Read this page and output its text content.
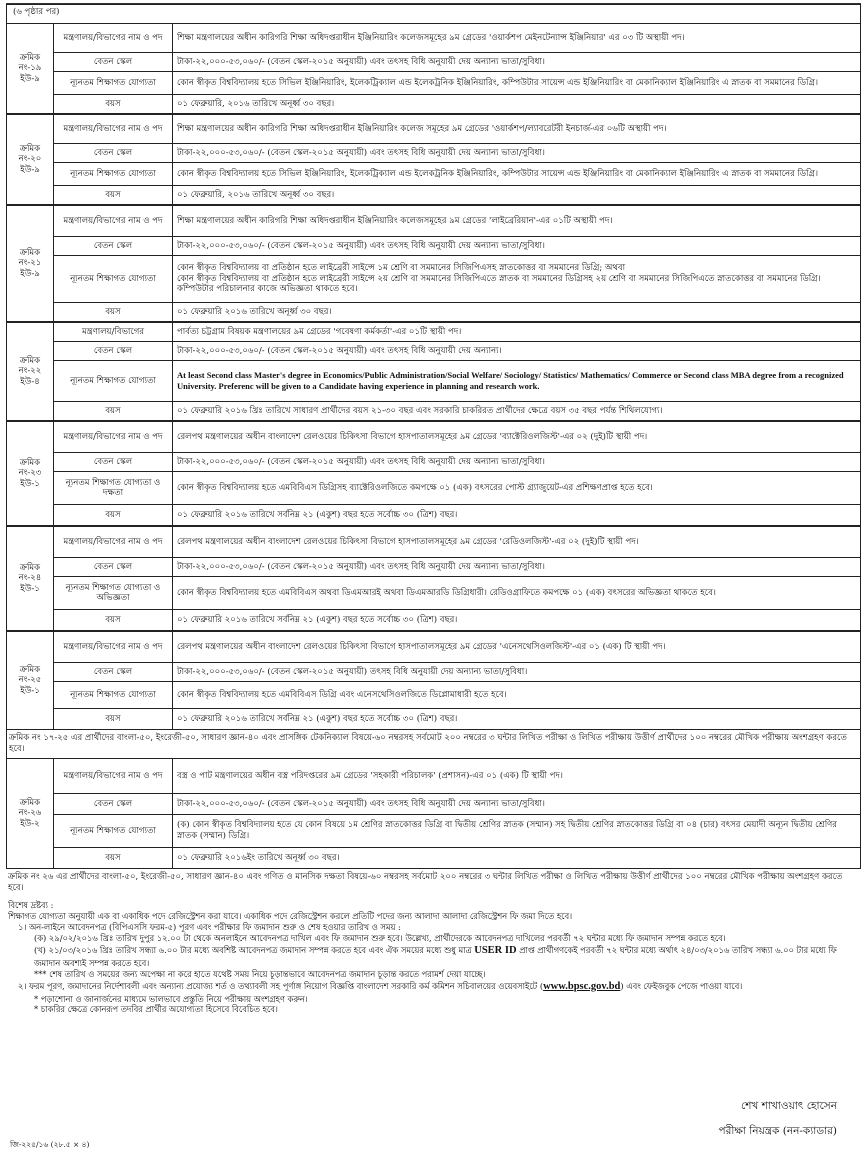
(৬ পৃষ্ঠার পর)
ক্রমিক নং-১৯ ইউ-৯	মন্ত্রণালয়/বিভাগের নাম ও পদ	শিক্ষা মন্ত্রণালয়ের অধীন কারিগরি শিক্ষা অধিদপ্তরাধীন ইঞ্জিনিয়ারিং কলেজসমূহের ৯ম গ্রেডের 'ওয়ার্কশপ মেইনটেন্যান্স ইঞ্জিনিয়ার' এর ০৩ টি অস্থায়ী পদ।
	বেতন স্কেল	টাকা-২২,০০০-৫৩,০৬০/- (বেতন স্কেল-২০১৫ অনুযায়ী) এবং তৎসহ বিধি অনুযায়ী দেয় অন্যান্য ভাতা/সুবিধা।
	ন্যূনতম শিক্ষাগত যোগ্যতা	কোন স্বীকৃত বিশ্ববিদ্যালয় হতে সিভিল ইঞ্জিনিয়ারিং, ইলেকট্রিক্যাল এন্ড ইলেকট্রনিক ইঞ্জিনিয়ারিং, কম্পিউটার সায়েন্স এন্ড ইঞ্জিনিয়ারিং বা মেকানিক্যাল ইঞ্জিনিয়ারিং এ স্নাতক বা সমমানের ডিগ্রি।
	বয়স	০১ ফেব্রুয়ারি, ২০১৬ তারিখে অনূর্ধ্ব ৩০ বছর।
ক্রমিক নং-২০ ইউ-৯	মন্ত্রণালয়/বিভাগের নাম ও পদ	শিক্ষা মন্ত্রণালয়ের অধীন কারিগরি শিক্ষা অধিদপ্তরাধীন ইঞ্জিনিয়ারিং কলেজ সমূহের ৯ম গ্রেডের 'ওয়ার্কশপ/ল্যাবরেটরী ইনচার্জ-এর ০৬টি অস্থায়ী পদ।
	বেতন স্কেল	টাকা-২২,০০০-৫৩,০৬০/- (বেতন স্কেল-২০১৫ অনুযায়ী) এবং তৎসহ বিধি অনুযায়ী দেয় অন্যান্য ভাতা/সুবিধা।
	ন্যূনতম শিক্ষাগত যোগ্যতা	কোন স্বীকৃত বিশ্ববিদ্যালয় হতে সিভিল ইঞ্জিনিয়ারিং, ইলেকট্রিক্যাল এন্ড ইলেকট্রনিক ইঞ্জিনিয়ারিং, কম্পিউটার সায়েন্স এন্ড ইঞ্জিনিয়ারিং বা মেকানিক্যাল ইঞ্জিনিয়ারিং এ স্নাতক বা সমমানের ডিগ্রি।
	বয়স	০১ ফেব্রুয়ারি, ২০১৬ তারিখে অনূর্ধ্ব ৩০ বছর।
ক্রমিক নং-২১ ইউ-৯	মন্ত্রণালয়/বিভাগের নাম ও পদ	শিক্ষা মন্ত্রণালয়ের অধীন কারিগরি শিক্ষা অধিদপ্তরাধীন ইঞ্জিনিয়ারিং কলেজসমূহের ৯ম গ্রেডের 'লাইব্রেরিয়ান'-এর ০১টি অস্থায়ী পদ।
	বেতন স্কেল	টাকা-২২,০০০-৫৩,০৬০/- (বেতন স্কেল-২০১৫ অনুযায়ী) এবং তৎসহ বিধি অনুযায়ী দেয় অন্যান্য ভাতা/সুবিধা।
	ন্যূনতম শিক্ষাগত যোগ্যতা	কোন স্বীকৃত বিশ্ববিদ্যালয় বা প্রতিষ্ঠান হতে লাইব্রেরী সাইন্সে ১ম শ্রেণি বা সমমানের সিজিপিএসহ স্নাতকোত্তর বা সমমানের ডিগ্রি; অথবা
কোন স্বীকৃত বিশ্ববিদ্যালয় বা প্রতিষ্ঠান হতে লাইব্রেরী সাইন্সে ২য় শ্রেণি বা সমমানের সিজিপিএতে স্নাতক বা সমমানের ডিগ্রিসহ ২য় শ্রেণি বা সমমানের সিজিপিএতে স্নাতকোত্তর বা সমমানের ডিগ্রি।
কম্পিউটার পরিচালনার কাজে অভিজ্ঞতা থাকতে হবে।
	বয়স	০১ ফেব্রুয়ারি ২০১৬ তারিখে অনূর্ধ্ব ৩০ বছর।
ক্রমিক নং-২২ ইউ-৪	মন্ত্রণালয়/বিভাগের	পার্বত্য চট্টগ্রাম বিষয়ক মন্ত্রণালয়ের ৯ম গ্রেডের 'গবেষণা কর্মকর্তা'-এর ০১টি স্থায়ী পদ।
	বেতন স্কেল	টাকা-২২,০০০-৫৩,০৬০/- (বেতন স্কেল-২০১৫ অনুযায়ী) এবং তৎসহ বিধি অনুযায়ী দেয় অন্যান্য।
	ন্যূনতম শিক্ষাগত যোগ্যতা	At least Second class Master's degree in Economics/Public Administration/Social Welfare/ Sociology/ Statistics/ Mathematics/ Commerce or Second class MBA degree from a recognized University. Preferenc will be given to a Candidate having experience in planning and research work.
	বয়স	০১ ফেব্রুয়ারি ২০১৬ খ্রিঃ তারিখে সাধারণ প্রার্থীদের বয়স ২১-৩০ বছর এবং সরকারি চাকরিরত প্রার্থীদের ক্ষেত্রে বয়স ৩৫ বছর পর্যন্ত শিথিলযোগ্য।
ক্রমিক নং-২৩ ইউ-১	মন্ত্রণালয়/বিভাগের নাম ও পদ	রেলপথ মন্ত্রণালয়ের অধীন বাংলাদেশ রেলওয়ের চিকিৎসা বিভাগে হাসপাতালসমূহের ৯ম গ্রেডের 'ব্যাক্টেরিওলজিস্ট'-এর ০২ (দুই)টি স্থায়ী পদ।
	বেতন স্কেল	টাকা-২২,০০০-৫৩,০৬০/- (বেতন স্কেল-২০১৫ অনুযায়ী) এবং তৎসহ বিধি অনুযায়ী দেয় অন্যান্য ভাতা/সুবিধা।
	ন্যূনতম শিক্ষাগত যোগ্যতা ও দক্ষতা	কোন স্বীকৃত বিশ্ববিদ্যালয় হতে এমবিবিএস ডিগ্রিসহ ব্যাক্টেরিওলজিতে কমপক্ষে ০১ (এক) বৎসরের পোস্ট গ্র্যাজুয়েট-এর প্রশিক্ষণপ্রাপ্ত হতে হবে।
	বয়স	০১ ফেব্রুয়ারি ২০১৬ তারিখে সর্বনিম্ন ২১ (একুশ) বছর হতে সর্বোচ্চ ৩০ (ত্রিশ) বছর।
ক্রমিক নং-২৪ ইউ-১	মন্ত্রণালয়/বিভাগের নাম ও পদ	রেলপথ মন্ত্রণালয়ের অধীন বাংলাদেশ রেলওয়ের চিকিৎসা বিভাগে হাসপাতালসমূহের ৯ম গ্রেডের 'রেডিওলজিস্ট'-এর ০২ (দুই)টি স্থায়ী পদ।
	বেতন স্কেল	টাকা-২২,০০০-৫৩,০৬০/- (বেতন স্কেল-২০১৫ অনুযায়ী) এবং তৎসহ বিধি অনুযায়ী দেয় অন্যান্য ভাতা/সুবিধা।
	ন্যূনতম শিক্ষাগত যোগ্যতা ও অভিজ্ঞতা	কোন স্বীকৃত বিশ্ববিদ্যালয় হতে এমবিবিএস অথবা ডিএমআরই অথবা ডিএমআরডি ডিগ্রিধারী। রেডিওগ্রাফিতে কমপক্ষে ০১ (এক) বৎসরের অভিজ্ঞতা থাকতে হবে।
	বয়স	০১ ফেব্রুয়ারি ২০১৬ তারিখে সর্বনিম্ন ২১ (একুশ) বছর হতে সর্বোচ্চ ৩০ (ত্রিশ) বছর।
ক্রমিক নং-২৫ ইউ-১	মন্ত্রণালয়/বিভাগের নাম ও পদ	রেলপথ মন্ত্রণালয়ের অধীন বাংলাদেশ রেলওয়ের চিকিৎসা বিভাগে হাসপাতালসমূহের ৯ম গ্রেডের 'এনেসথেসিওলজিস্ট'-এর ০১ (এক) টি স্থায়ী পদ।
	বেতন স্কেল	টাকা-২২,০০০-৫৩,০৬০/- (বেতন স্কেল-২০১৫ অনুযায়ী) তৎসহ বিধি অনুযায়ী দেয় অন্যান্য ভাতা/সুবিধা।
	ন্যূনতম শিক্ষাগত যোগ্যতা	কোন স্বীকৃত বিশ্ববিদ্যালয় হতে এমবিবিএস ডিগ্রি এবং এনেসথেসিওলজিতে ডিপ্লোমাধারী হতে হবে।
	বয়স	০১ ফেব্রুয়ারি ২০১৬ তারিখে সর্বনিম্ন ২১ (একুশ) বছর হতে সর্বোচ্চ ৩০ (ত্রিশ) বছর।
ক্রমিক নং ১৭-২৫ এর প্রার্থীদের বাংলা-৫০, ইংরেজী-৫০, সাধারণ জ্ঞান-৪০ এবং প্রাসঙ্গিক টেকনিক্যাল বিষয়ে-৬০ নম্বরসহ সর্বমোট ২০০ নম্বরের ৩ ঘন্টার লিখিত পরীক্ষা ও লিখিত পরীক্ষায় উত্তীর্ণ প্রার্থীদের ১০০ নম্বরের মৌখিক পরীক্ষায় অংশগ্রহণ করতে হবে।
ক্রমিক নং-২৬ ইউ-২	মন্ত্রণালয়/বিভাগের নাম ও পদ	বস্ত্র ও পাট মন্ত্রণালয়ের অধীন বস্ত্র পরিদপ্তরের ৯ম গ্রেডের 'সহকারী পরিচালক' (প্রশাসন)-এর ০১ (এক) টি স্থায়ী পদ।
	বেতন স্কেল	টাকা-২২,০০০-৫৩,০৬০/- (বেতন স্কেল-২০১৫ অনুযায়ী) এবং তৎসহ বিধি অনুযায়ী দেয় অন্যান্য ভাতা/সুবিধা।
	ন্যূনতম শিক্ষাগত যোগ্যতা	(ক) কোন স্বীকৃত বিশ্ববিদ্যালয় হতে যে কোন বিষয়ে ১ম শ্রেণির স্নাতকোত্তর ডিগ্রি বা দ্বিতীয় শ্রেণির স্নাতক (সম্মান) সহ দ্বিতীয় শ্রেণির স্নাতকোত্তর ডিগ্রি বা ০৪ (চার) বৎসর মেয়াদী অন্যূন দ্বিতীয় শ্রেণির স্নাতক (সম্মান) ডিগ্রি।
	বয়স	০১ ফেব্রুয়ারি ২০১৬ইং তারিখে অনূর্ধ্ব ৩০ বছর।
ক্রমিক নং ২৬ এর প্রার্থীদের বাংলা-৫০, ইংরেজী-৫০, সাধারণ জ্ঞান-৪০ এবং গণিত ও মানসিক দক্ষতা বিষয়ে-৬০ নম্বরসহ সর্বমোট ২০০ নম্বরের ৩ ঘন্টার লিখিত পরীক্ষা ও লিখিত পরীক্ষায় উত্তীর্ণ প্রার্থীদের ১০০ নম্বরের মৌখিক পরীক্ষায় অংশগ্রহণ করতে হবে।
বিশেষ দ্রষ্টব্য :
শিক্ষাগত যোগ্যতা অনুযায়ী এক বা একাধিক পদে রেজিস্ট্রেশন করা যাবে। একাধিক পদে রেজিস্ট্রেশন করলে প্রতিটি পদের জন্য আলাদা আলাদা রেজিস্ট্রেশন ফি জমা দিতে হবে।
১। অন-লাইনে আবেদনপত্র (বিপিএসসি ফরম-৫) পূরণ এবং পরীক্ষার ফি জমাদান শুরু ও শেষ হওয়ার তারিখ ও সময় :
(ক) ২৯/০২/২০১৬ খ্রিঃ তারিখ দুপুর ১২.০০ টা থেকে অনলাইনে আবেদনপত্র দাখিল এবং ফি জমাদান শুরু হবে। উল্লেখ্য, প্রার্থীদেরকে আবেদনপত্র দাখিলের পরবর্তী ৭২ ঘন্টার মধ্যে ফি জমাদান সম্পন্ন করতে হবে।
(খ) ২১/০৩/২০১৬ খ্রিঃ তারিখ সন্ধ্যা ৬.০০ টার মধ্যে অবশিষ্ট আবেদনপত্র জমাদান সম্পন্ন করতে হবে এবং ঐক সময়ের মধ্যে শুধু মাত্র USER ID প্রাপ্ত প্রার্থীগণকেই পরবর্তী ৭২ ঘন্টার মধ্যে অর্থাৎ ২৪/০৩/২০১৬ তারিখ সন্ধ্যা ৬.০০ টার মধ্যে ফি জমাদান অবশ্যই সম্পন্ন করতে হবে।
*** শেষ তারিখ ও সময়ের জন্য অপেক্ষা না করে হাতে যথেষ্ট সময় নিয়ে চূড়ান্তভাবে আবেদনপত্র জমাদান চূড়ান্ত করতে পরামর্শ দেয়া যাচ্ছে।
২। ফরম পূরণ, জমাদানের নির্দেশাবলী এবং অন্যান্য প্রযোজ্য শর্ত ও তথ্যাবলী সহ পূর্ণাঙ্গ নিয়োগ বিজ্ঞপ্তি বাংলাদেশ সরকারি কর্ম কমিশন সচিবালয়ের ওয়েবসাইটে (www.bpsc.gov.bd) এবং ফেইজবুক পেজে পাওয়া যাবে।
* পড়াশোনা ও জানার্জনের মাধ্যমে ভালভাবে প্রস্তুতি নিয়ে পরীক্ষায় অংশগ্রহণ করুন।
* চাকরির ক্ষেত্রে কোনরূপ তদবির প্রার্থীর অযোগ্যতা হিসেবে বিবেচিত হবে।
শেখ শাখাওয়াৎ হোসেন
পরীক্ষা নিয়ন্ত্রক (নন-ক্যাডার)
জি-২২৫/১৬ (২৮.৫ × ৪)
